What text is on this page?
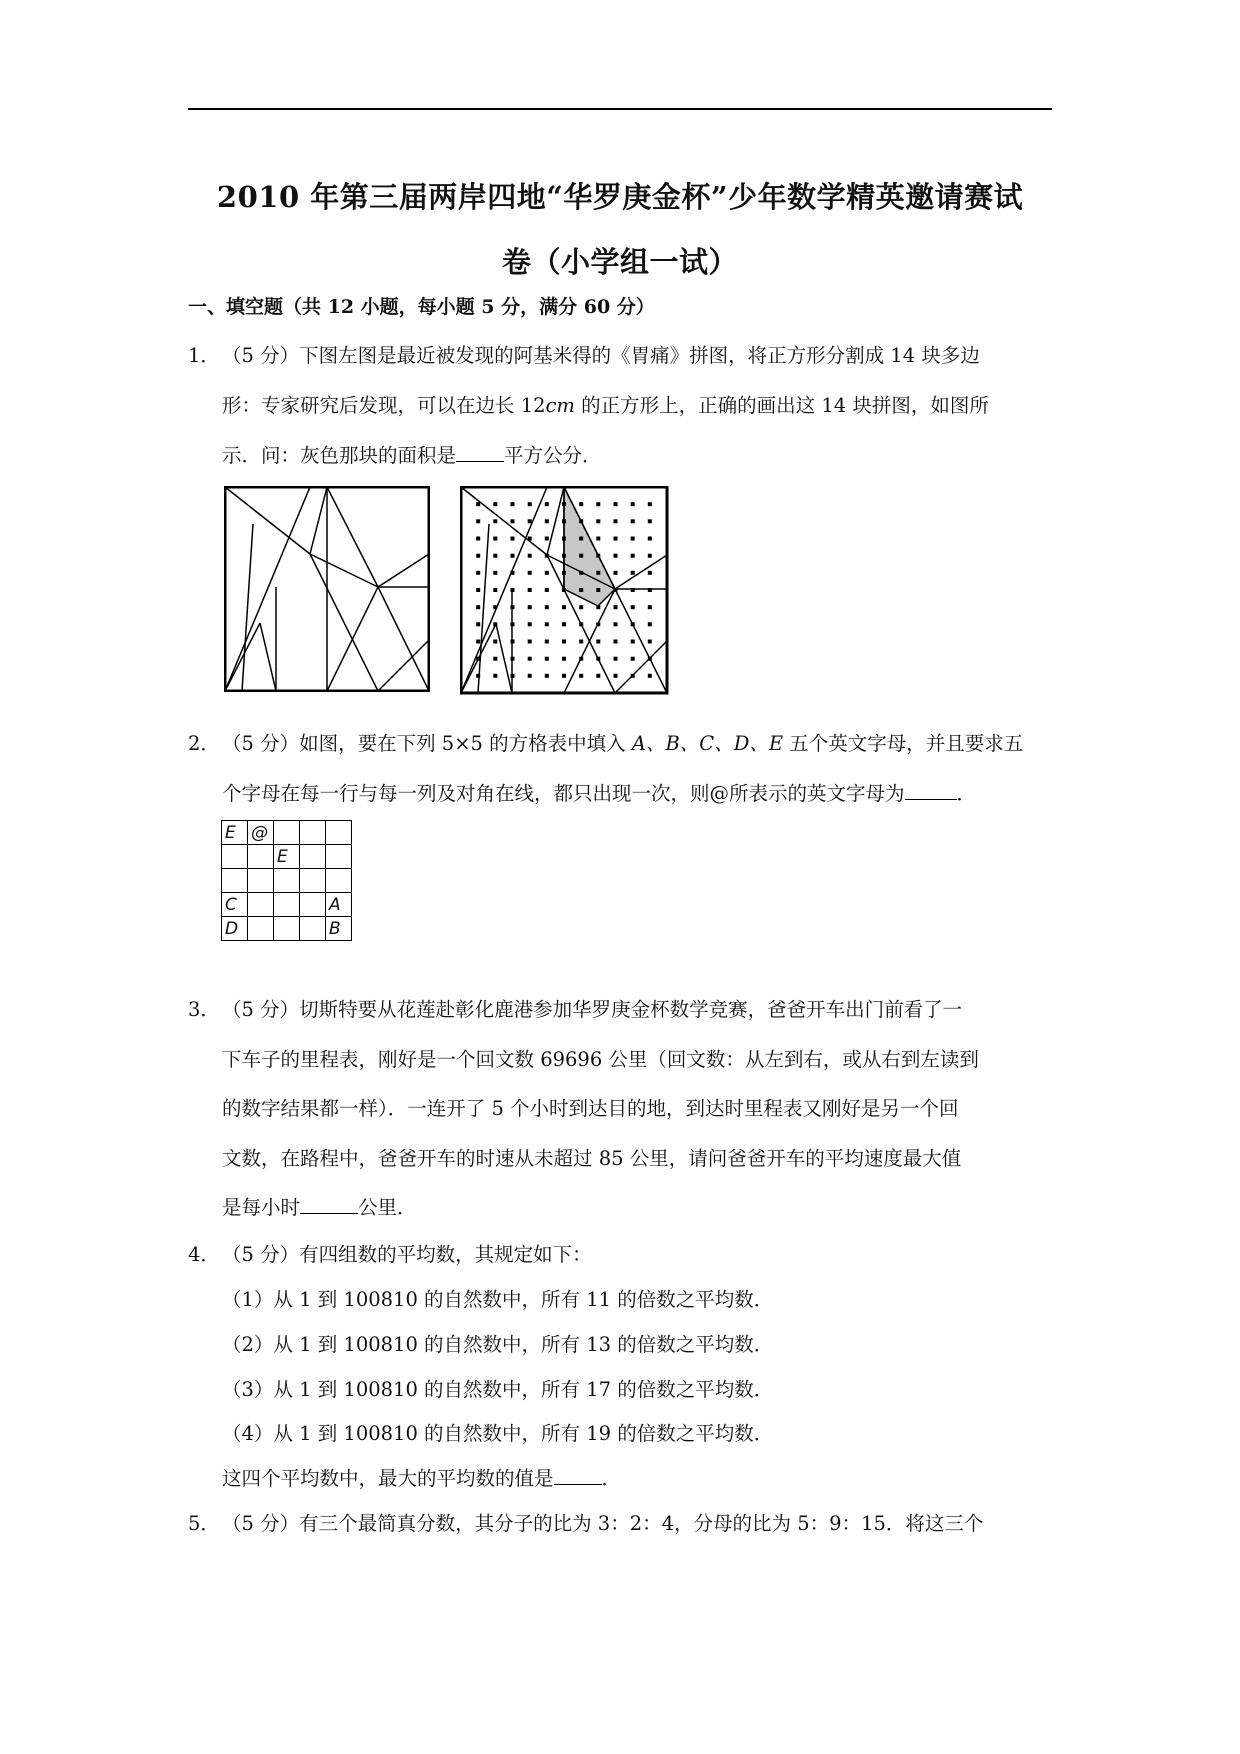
2010 年第三届两岸四地“华罗庚金杯”少年数学精英邀请赛试
卷（小学组一试）
一、填空题（共 12 小题，每小题 5 分，满分 60 分）
1． （5 分）下图左图是最近被发现的阿基米得的《胃痛》拼图，将正方形分割成 14 块多边
形：专家研究后发现，可以在边长 12cm 的正方形上，正确的画出这 14 块拼图，如图所
示．问：灰色那块的面积是 平方公分．
2． （5 分）如图，要在下列 5×5 的方格表中填入 A、B、C、D、E 五个英文字母，并且要求五
个字母在每一行与每一列及对角在线，都只出现一次，则@所表示的英文字母为	．
E	@			
		E		

C				A
D				B
3． （5 分）切斯特要从花莲赴彰化鹿港参加华罗庚金杯数学竞赛，爸爸开车出门前看了一
下车子的里程表，刚好是一个回文数 69696 公里（回文数：从左到右，或从右到左读到
的数字结果都一样）．一连开了 5 个小时到达目的地，到达时里程表又刚好是另一个回
文数，在路程中，爸爸开车的时速从未超过 85 公里，请问爸爸开车的平均速度最大值
是每小时	公里．
4． （5 分）有四组数的平均数，其规定如下：
（1）从 1 到 100810 的自然数中，所有 11 的倍数之平均数．
（2）从 1 到 100810 的自然数中，所有 13 的倍数之平均数．
（3）从 1 到 100810 的自然数中，所有 17 的倍数之平均数．
（4）从 1 到 100810 的自然数中，所有 19 的倍数之平均数．
这四个平均数中，最大的平均数的值是 ．
5． （5 分）有三个最简真分数，其分子的比为 3：2：4，分母的比为 5：9：15．将这三个
